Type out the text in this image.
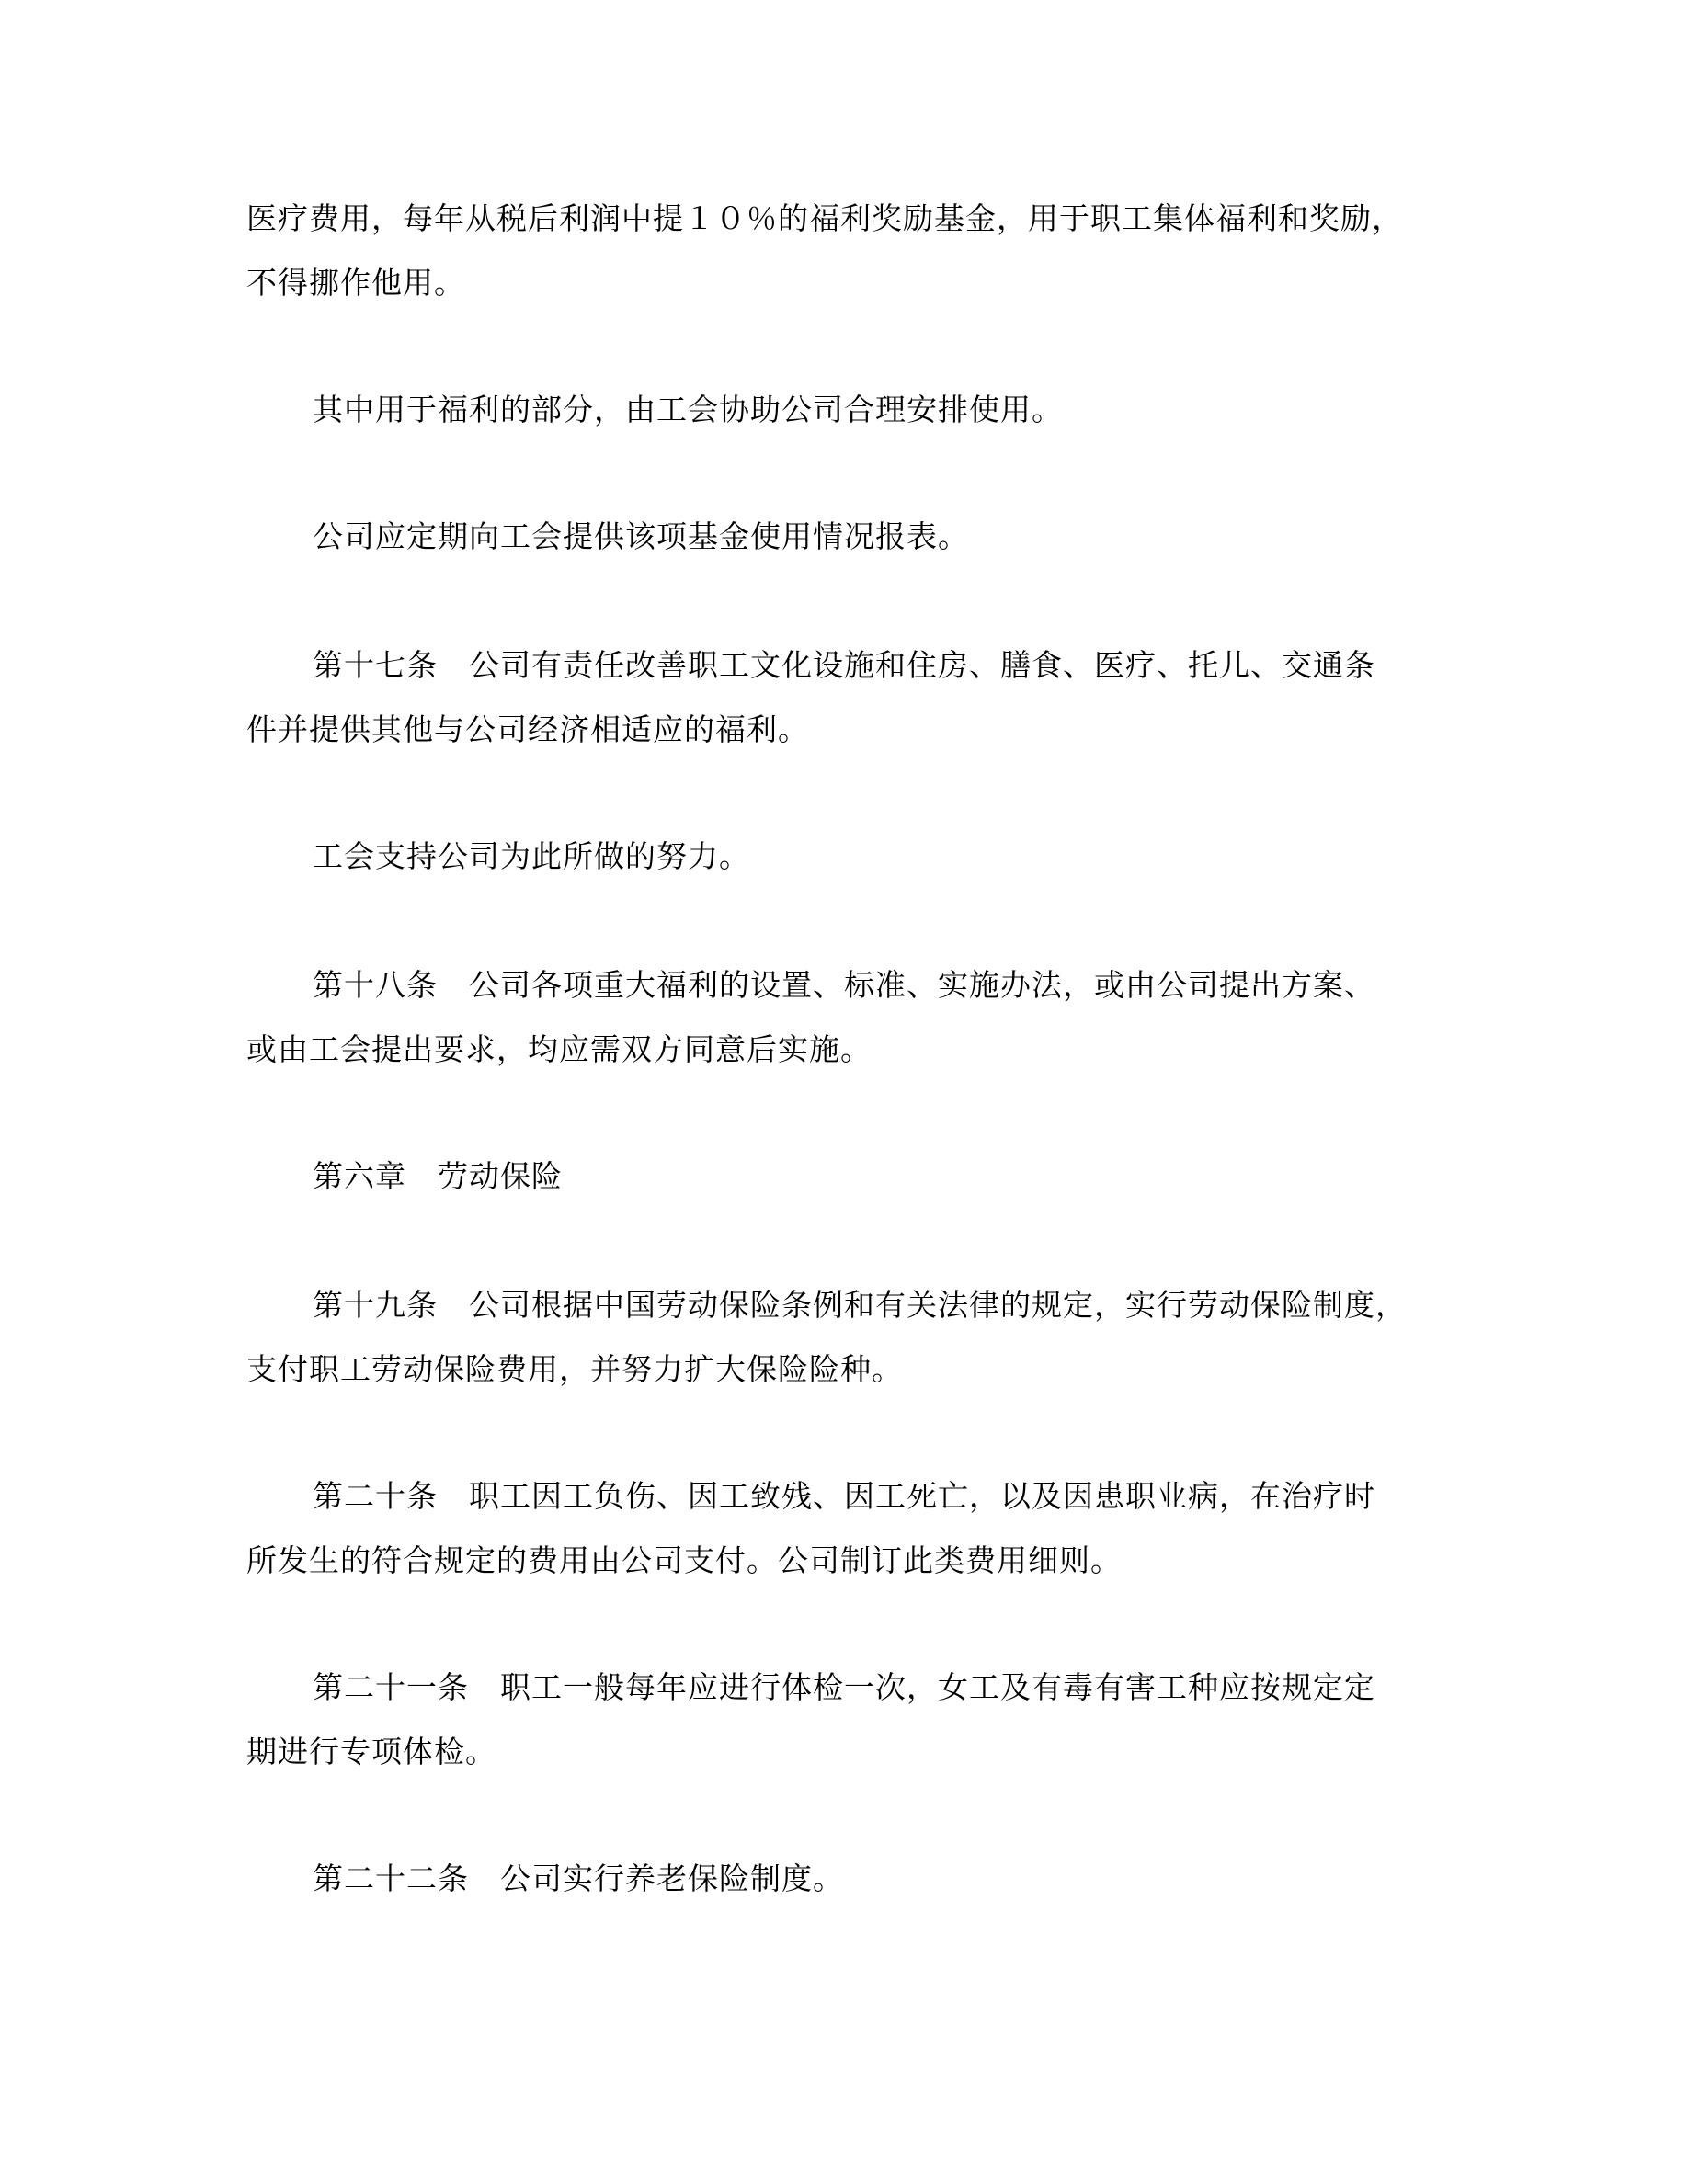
医疗费用，每年从税后利润中提１０％的福利奖励基金，用于职工集体福利和奖励，
不得挪作他用。
其中用于福利的部分，由工会协助公司合理安排使用。
公司应定期向工会提供该项基金使用情况报表。
第十七条　公司有责任改善职工文化设施和住房、膳食、医疗、托儿、交通条
件并提供其他与公司经济相适应的福利。
工会支持公司为此所做的努力。
第十八条　公司各项重大福利的设置、标准、实施办法，或由公司提出方案、
或由工会提出要求，均应需双方同意后实施。
第六章　劳动保险
第十九条　公司根据中国劳动保险条例和有关法律的规定，实行劳动保险制度，
支付职工劳动保险费用，并努力扩大保险险种。
第二十条　职工因工负伤、因工致残、因工死亡，以及因患职业病，在治疗时
所发生的符合规定的费用由公司支付。公司制订此类费用细则。
第二十一条　职工一般每年应进行体检一次，女工及有毒有害工种应按规定定
期进行专项体检。
第二十二条　公司实行养老保险制度。
